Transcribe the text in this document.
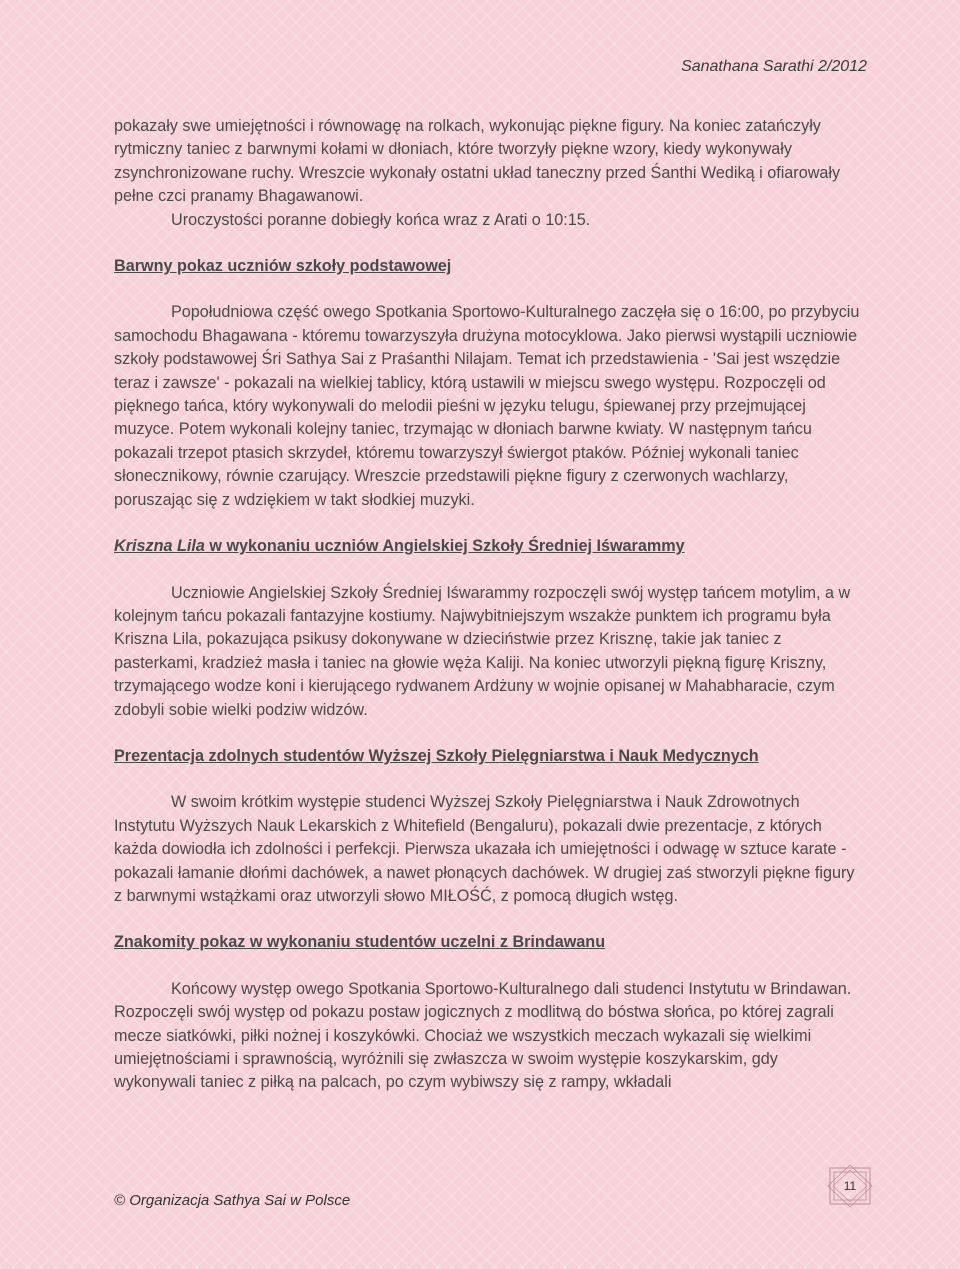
Sanathana Sarathi 2/2012

pokazały swe umiejętności i równowagę na rolkach, wykonując piękne figury. Na koniec zatańczyły rytmiczny taniec z barwnymi kołami w dłoniach, które tworzyły piękne wzory, kiedy wykonywały zsynchronizowane ruchy. Wreszcie wykonały ostatni układ taneczny przed Śanthi Wediką i ofiarowały pełne czci pranamy Bhagawanowi.

Uroczystości poranne dobiegły końca wraz z Arati o 10:15.

Barwny pokaz uczniów szkoły podstawowej

Popołudniowa część owego Spotkania Sportowo-Kulturalnego zaczęła się o 16:00, po przybyciu samochodu Bhagawana - któremu towarzyszyła drużyna motocyklowa. Jako pierwsi wystąpili uczniowie szkoły podstawowej Śri Sathya Sai z Praśanthi Nilajam. Temat ich przedstawienia - 'Sai jest wszędzie teraz i zawsze' - pokazali na wielkiej tablicy, którą ustawili w miejscu swego występu. Rozpoczęli od pięknego tańca, który wykonywali do melodii pieśni w języku telugu, śpiewanej przy przejmującej muzyce. Potem wykonali kolejny taniec, trzymając w dłoniach barwne kwiaty. W następnym tańcu pokazali trzepot ptasich skrzydeł, któremu towarzyszył świergot ptaków. Później wykonali taniec słonecznikowy, równie czarujący. Wreszcie przedstawili piękne figury z czerwonych wachlarzy, poruszając się z wdziękiem w takt słodkiej muzyki.

Kriszna Lila w wykonaniu uczniów Angielskiej Szkoły Średniej Iśwarammy

Uczniowie Angielskiej Szkoły Średniej Iśwarammy rozpoczęli swój występ tańcem motylim, a w kolejnym tańcu pokazali fantazyjne kostiumy. Najwybitniejszym wszakże punktem ich programu była Kriszna Lila, pokazująca psikusy dokonywane w dzieciństwie przez Krisznę, takie jak taniec z pasterkami, kradzież masła i taniec na głowie węża Kaliji. Na koniec utworzyli piękną figurę Kriszny, trzymającego wodze koni i kierującego rydwanem Ardżuny w wojnie opisanej w Mahabharacie, czym zdobyli sobie wielki podziw widzów.

Prezentacja zdolnych studentów Wyższej Szkoły Pielęgniarstwa i Nauk Medycznych

W swoim krótkim występie studenci Wyższej Szkoły Pielęgniarstwa i Nauk Zdrowotnych Instytutu Wyższych Nauk Lekarskich z Whitefield (Bengaluru), pokazali dwie prezentacje, z których każda dowiodła ich zdolności i perfekcji. Pierwsza ukazała ich umiejętności i odwagę w sztuce karate - pokazali łamanie dłońmi dachówek, a nawet płonących dachówek. W drugiej zaś stworzyli piękne figury z barwnymi wstążkami oraz utworzyli słowo MIŁOŚĆ, z pomocą długich wstęg.

Znakomity pokaz w wykonaniu studentów uczelni z Brindawanu

Końcowy występ owego Spotkania Sportowo-Kulturalnego dali studenci Instytutu w Brindawan. Rozpoczęli swój występ od pokazu postaw jogicznych z modlitwą do bóstwa słońca, po której zagrali mecze siatkówki, piłki nożnej i koszykówki. Chociaż we wszystkich meczach wykazali się wielkimi umiejętnościami i sprawnością, wyróżnili się zwłaszcza w swoim występie koszykarskim, gdy wykonywali taniec z piłką na palcach, po czym wybiwszy się z rampy, wkładali

© Organizacja Sathya Sai w Polsce
11
